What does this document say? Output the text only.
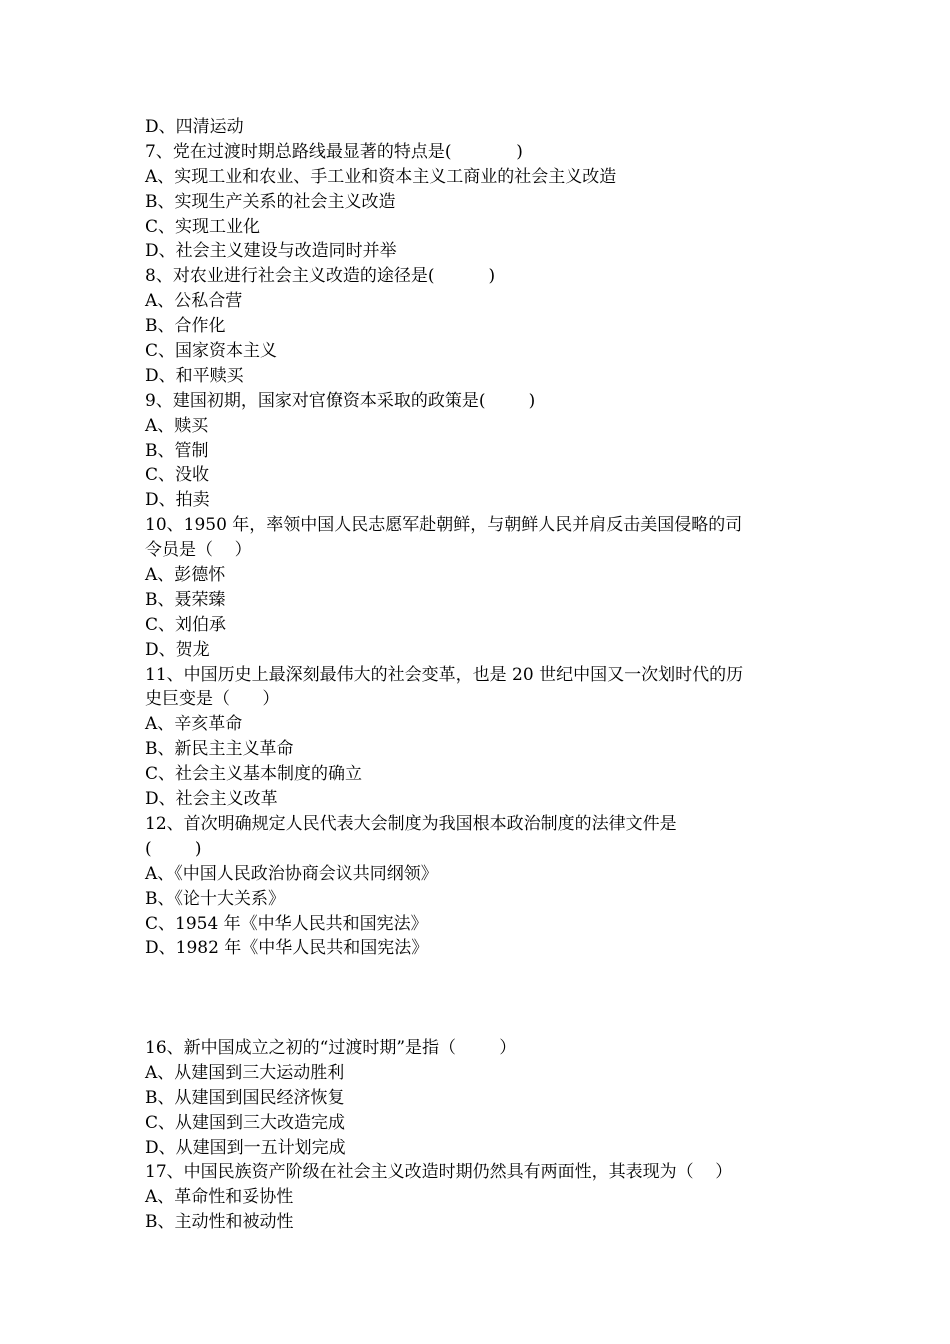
D、四清运动
7、党在过渡时期总路线最显著的特点是(            )
A、实现工业和农业、手工业和资本主义工商业的社会主义改造
B、实现生产关系的社会主义改造
C、实现工业化
D、社会主义建设与改造同时并举
8、对农业进行社会主义改造的途径是(          )
A、公私合营
B、合作化
C、国家资本主义
D、和平赎买
9、建国初期，国家对官僚资本采取的政策是(        )
A、赎买
B、管制
C、没收
D、拍卖
10、1950 年，率领中国人民志愿军赴朝鲜，与朝鲜人民并肩反击美国侵略的司
令员是（    ）
A、彭德怀
B、聂荣臻
C、刘伯承
D、贺龙
11、中国历史上最深刻最伟大的社会变革，也是 20 世纪中国又一次划时代的历
史巨变是（      ）
A、辛亥革命
B、新民主主义革命
C、社会主义基本制度的确立
D、社会主义改革
12、首次明确规定人民代表大会制度为我国根本政治制度的法律文件是
(        )
A、《中国人民政治协商会议共同纲领》
B、《论十大关系》
C、1954 年《中华人民共和国宪法》
D、1982 年《中华人民共和国宪法》
16、新中国成立之初的“过渡时期”是指（        ）
A、从建国到三大运动胜利
B、从建国到国民经济恢复
C、从建国到三大改造完成
D、从建国到一五计划完成
17、中国民族资产阶级在社会主义改造时期仍然具有两面性，其表现为（    ）
A、革命性和妥协性
B、主动性和被动性
